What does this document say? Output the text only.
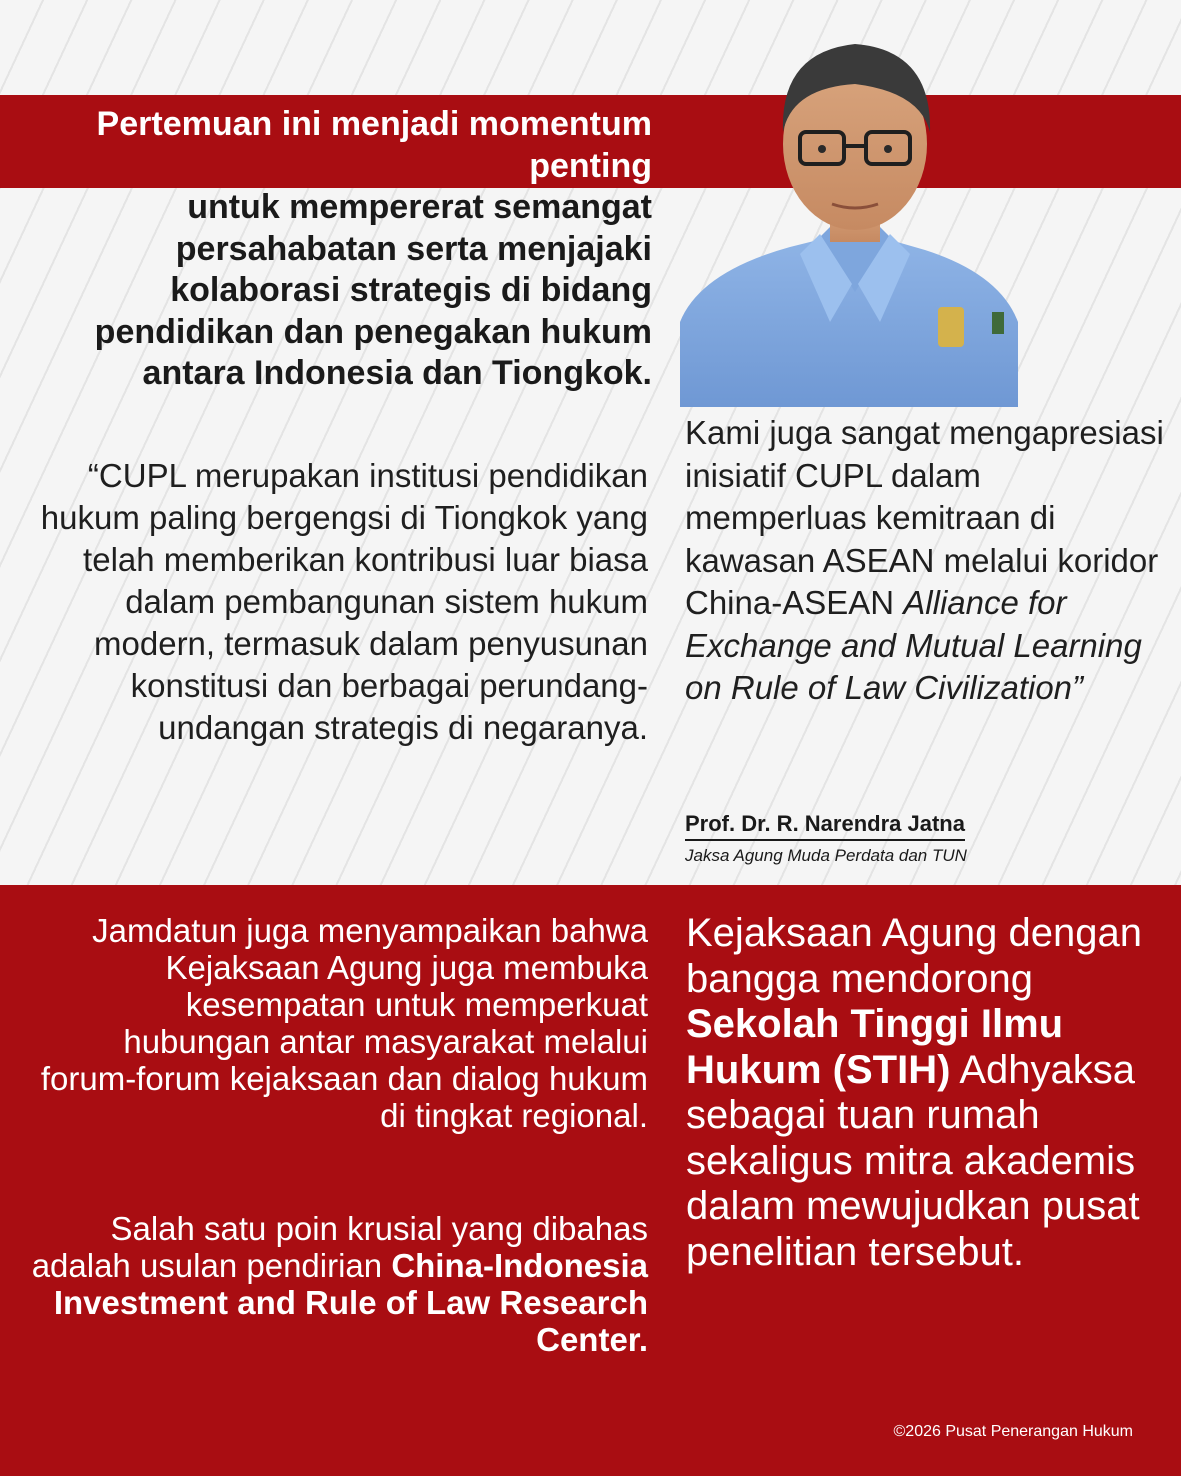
Pertemuan ini menjadi momentum penting
untuk mempererat semangat persahabatan serta menjajaki kolaborasi strategis di bidang pendidikan dan penegakan hukum antara Indonesia dan Tiongkok.

“CUPL merupakan institusi pendidikan hukum paling bergengsi di Tiongkok yang telah memberikan kontribusi luar biasa dalam pembangunan sistem hukum modern, termasuk dalam penyusunan konstitusi dan berbagai perundang-undangan strategis di negaranya.

Kami juga sangat mengapresiasi inisiatif CUPL dalam memperluas kemitraan di kawasan ASEAN melalui koridor China-ASEAN Alliance for Exchange and Mutual Learning on Rule of Law Civilization”

Prof. Dr. R. Narendra Jatna
Jaksa Agung Muda Perdata dan TUN

Jamdatun juga menyampaikan bahwa Kejaksaan Agung juga membuka kesempatan untuk memperkuat hubungan antar masyarakat melalui forum-forum kejaksaan dan dialog hukum di tingkat regional.

Salah satu poin krusial yang dibahas adalah usulan pendirian China-Indonesia Investment and Rule of Law Research Center.

Kejaksaan Agung dengan bangga mendorong Sekolah Tinggi Ilmu Hukum (STIH) Adhyaksa sebagai tuan rumah sekaligus mitra akademis dalam mewujudkan pusat penelitian tersebut.

©2026 Pusat Penerangan Hukum
